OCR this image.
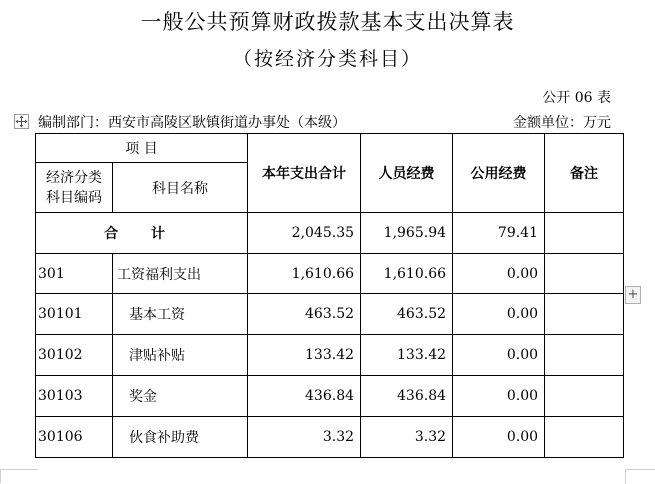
一般公共预算财政拨款基本支出决算表
（按经济分类科目）
公开 06 表
编制部门：西安市高陵区耿镇街道办事处（本级）	金额单位：万元
+
项 目		本年支出合计	人员经费	公用经费	备注
经济分类科目编码	科目名称				
合 计		2,045.35	1,965.94	79.41	
301	工资福利支出	1,610.66	1,610.66	0.00	
30101	基本工资	463.52	463.52	0.00	
30102	津贴补贴	133.42	133.42	0.00	
30103	奖金	436.84	436.84	0.00	
30106	伙食补助费	3.32	3.32	0.00	
